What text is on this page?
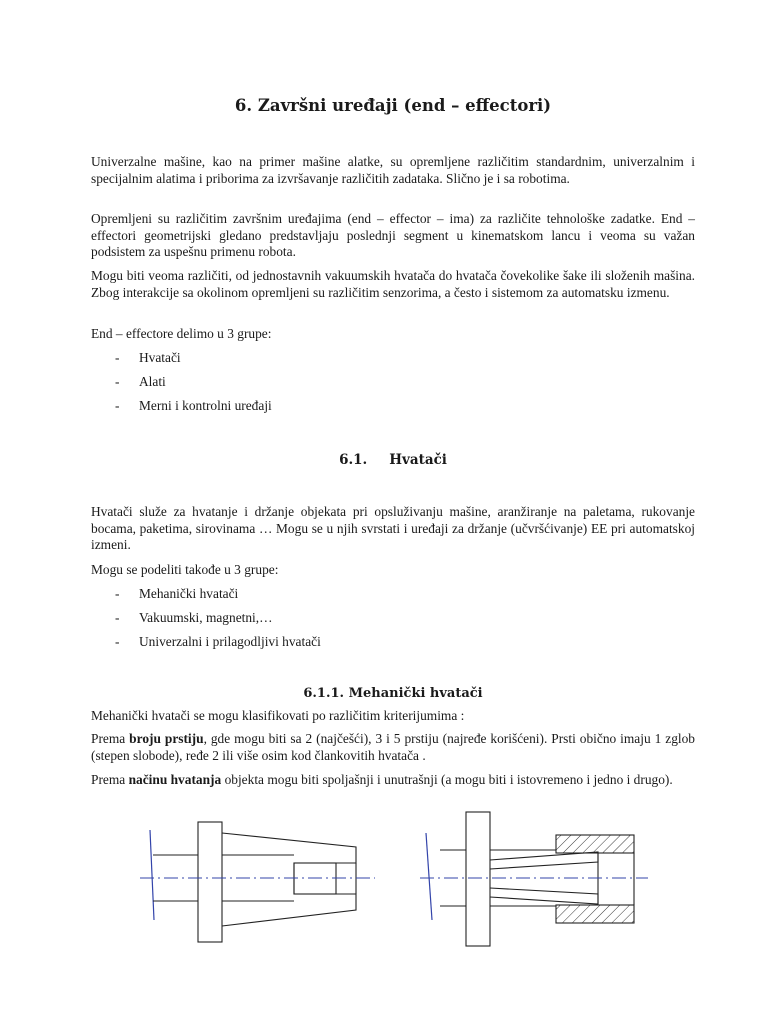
6. Završni uređaji (end – effectori)

Univerzalne mašine, kao na primer mašine alatke, su opremljene različitim standardnim, univerzalnim i specijalnim alatima i priborima za izvršavanje različitih zadataka. Slično je i sa robotima.

Opremljeni su različitim završnim uređajima (end – effector – ima) za različite tehnološke zadatke. End – effectori geometrijski gledano predstavljaju poslednji segment u kinematskom lancu i veoma su važan podsistem za uspešnu primenu robota.

Mogu biti veoma različiti, od jednostavnih vakuumskih hvatača do hvatača čovekolike šake ili složenih mašina. Zbog interakcije sa okolinom opremljeni su različitim senzorima, a često i sistemom za automatsku izmenu.

End – effectore delimo u 3 grupe:

- Hvatači
- Alati
- Merni i kontrolni uređaji
6.1. Hvatači

Hvatači služe za hvatanje i držanje objekata pri opsluživanju mašine, aranžiranje na paletama, rukovanje bocama, paketima, sirovinama … Mogu se u njih svrstati i uređaji za držanje (učvršćivanje) EE pri automatskoj izmeni.

Mogu se podeliti takođe u 3 grupe:

- Mehanički hvatači
- Vakuumski, magnetni,…
- Univerzalni i prilagodljivi hvatači
6.1.1. Mehanički hvatači

Mehanički hvatači se mogu klasifikovati po različitim kriterijumima :

Prema broju prstiju, gde mogu biti sa 2 (najčešći), 3 i 5 prstiju (najređe korišćeni). Prsti obično imaju 1 zglob (stepen slobode), ređe 2 ili više osim kod člankovitih hvatača .

Prema načinu hvatanja objekta mogu biti spoljašnji i unutrašnji (a mogu biti i istovremeno i jedno i drugo).
